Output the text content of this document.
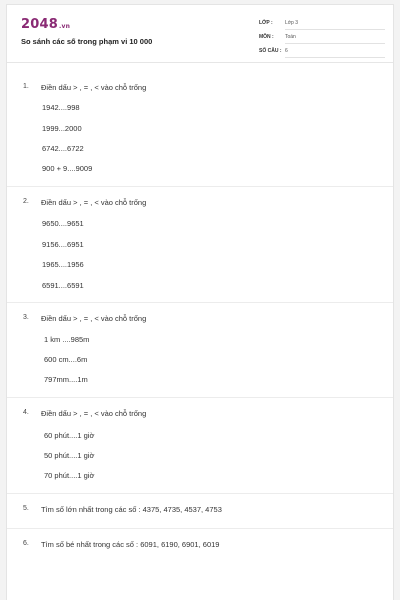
2048.vn
So sánh các số trong phạm vi 10 000
LỚP : Lớp 3
MÔN : Toán
SỐ CÂU : 6
1. Điền dấu > , = , < vào chỗ trống
1942....998
1999...2000
6742....6722
900 + 9....9009
2. Điền dấu > , = , < vào chỗ trống
9650....9651
9156....6951
1965....1956
6591....6591
3. Điền dấu > , = , < vào chỗ trống
1 km ....985m
600 cm....6m
797mm....1m
4. Điền dấu > , = , < vào chỗ trống
60 phút....1 giờ
50 phút....1 giờ
70 phút....1 giờ
5. Tìm số lớn nhất trong các số : 4375, 4735, 4537, 4753
6. Tìm số bé nhất trong các số : 6091, 6190, 6901, 6019
